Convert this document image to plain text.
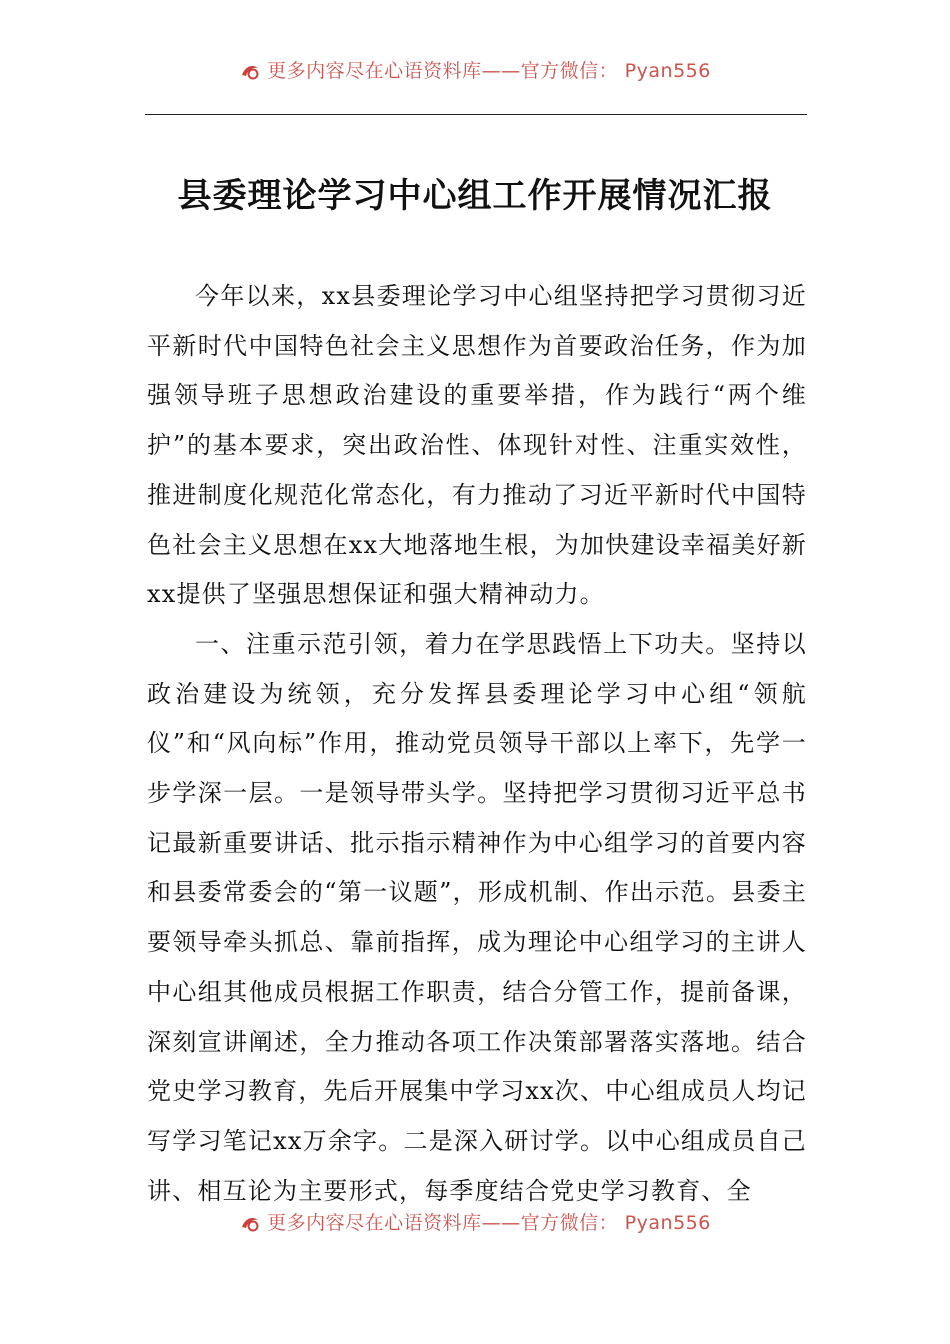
更多内容尽在心语资料库——官方微信： Pyan556
县委理论学习中心组工作开展情况汇报

今年以来，xx县委理论学习中心组坚持把学习贯彻习近平新时代中国特色社会主义思想作为首要政治任务，作为加强领导班子思想政治建设的重要举措，作为践行“两个维护”的基本要求，突出政治性、体现针对性、注重实效性，推进制度化规范化常态化，有力推动了习近平新时代中国特色社会主义思想在xx大地落地生根，为加快建设幸福美好新xx提供了坚强思想保证和强大精神动力。

一、注重示范引领，着力在学思践悟上下功夫。坚持以政治建设为统领，充分发挥县委理论学习中心组“领航仪”和“风向标”作用，推动党员领导干部以上率下，先学一步学深一层。一是领导带头学。坚持把学习贯彻习近平总书记最新重要讲话、批示指示精神作为中心组学习的首要内容和县委常委会的“第一议题”，形成机制、作出示范。县委主要领导牵头抓总、靠前指挥，成为理论中心组学习的主讲人中心组其他成员根据工作职责，结合分管工作，提前备课，深刻宣讲阐述，全力推动各项工作决策部署落实落地。结合党史学习教育，先后开展集中学习xx次、中心组成员人均记写学习笔记xx万余字。二是深入研讨学。以中心组成员自己讲、相互论为主要形式，每季度结合党史学习教育、全

更多内容尽在心语资料库——官方微信： Pyan556
